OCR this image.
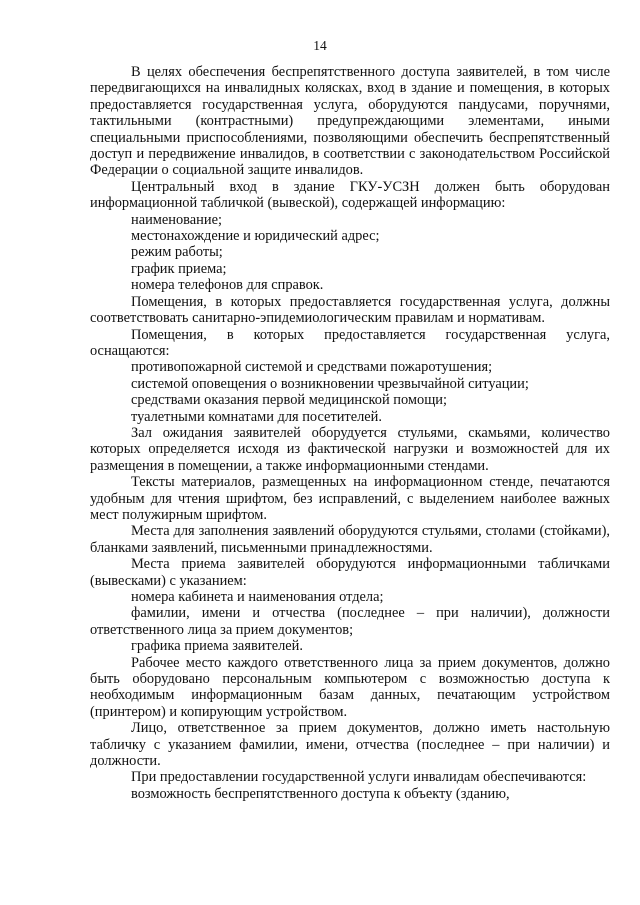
14

В целях обеспечения беспрепятственного доступа заявителей, в том числе передвигающихся на инвалидных колясках, вход в здание и помещения, в которых предоставляется государственная услуга, оборудуются пандусами, поручнями, тактильными (контрастными) предупреждающими элементами, иными специальными приспособлениями, позволяющими обеспечить беспрепятственный доступ и передвижение инвалидов, в соответствии с законодательством Российской Федерации о социальной защите инвалидов.

Центральный вход в здание ГКУ-УСЗН должен быть оборудован информационной табличкой (вывеской), содержащей информацию:

наименование;

местонахождение и юридический адрес;

режим работы;

график приема;

номера телефонов для справок.

Помещения, в которых предоставляется государственная услуга, должны соответствовать санитарно-эпидемиологическим правилам и нормативам.

Помещения, в которых предоставляется государственная услуга, оснащаются:

противопожарной системой и средствами пожаротушения;

системой оповещения о возникновении чрезвычайной ситуации;

средствами оказания первой медицинской помощи;

туалетными комнатами для посетителей.

Зал ожидания заявителей оборудуется стульями, скамьями, количество которых определяется исходя из фактической нагрузки и возможностей для их размещения в помещении, а также информационными стендами.

Тексты материалов, размещенных на информационном стенде, печатаются удобным для чтения шрифтом, без исправлений, с выделением наиболее важных мест полужирным шрифтом.

Места для заполнения заявлений оборудуются стульями, столами (стойками), бланками заявлений, письменными принадлежностями.

Места приема заявителей оборудуются информационными табличками (вывесками) с указанием:

номера кабинета и наименования отдела;

фамилии, имени и отчества (последнее – при наличии), должности ответственного лица за прием документов;

графика приема заявителей.

Рабочее место каждого ответственного лица за прием документов, должно быть оборудовано персональным компьютером с возможностью доступа к необходимым информационным базам данных, печатающим устройством (принтером) и копирующим устройством.

Лицо, ответственное за прием документов, должно иметь настольную табличку с указанием фамилии, имени, отчества (последнее – при наличии) и должности.

При предоставлении государственной услуги инвалидам обеспечиваются:

возможность беспрепятственного доступа к объекту (зданию,
